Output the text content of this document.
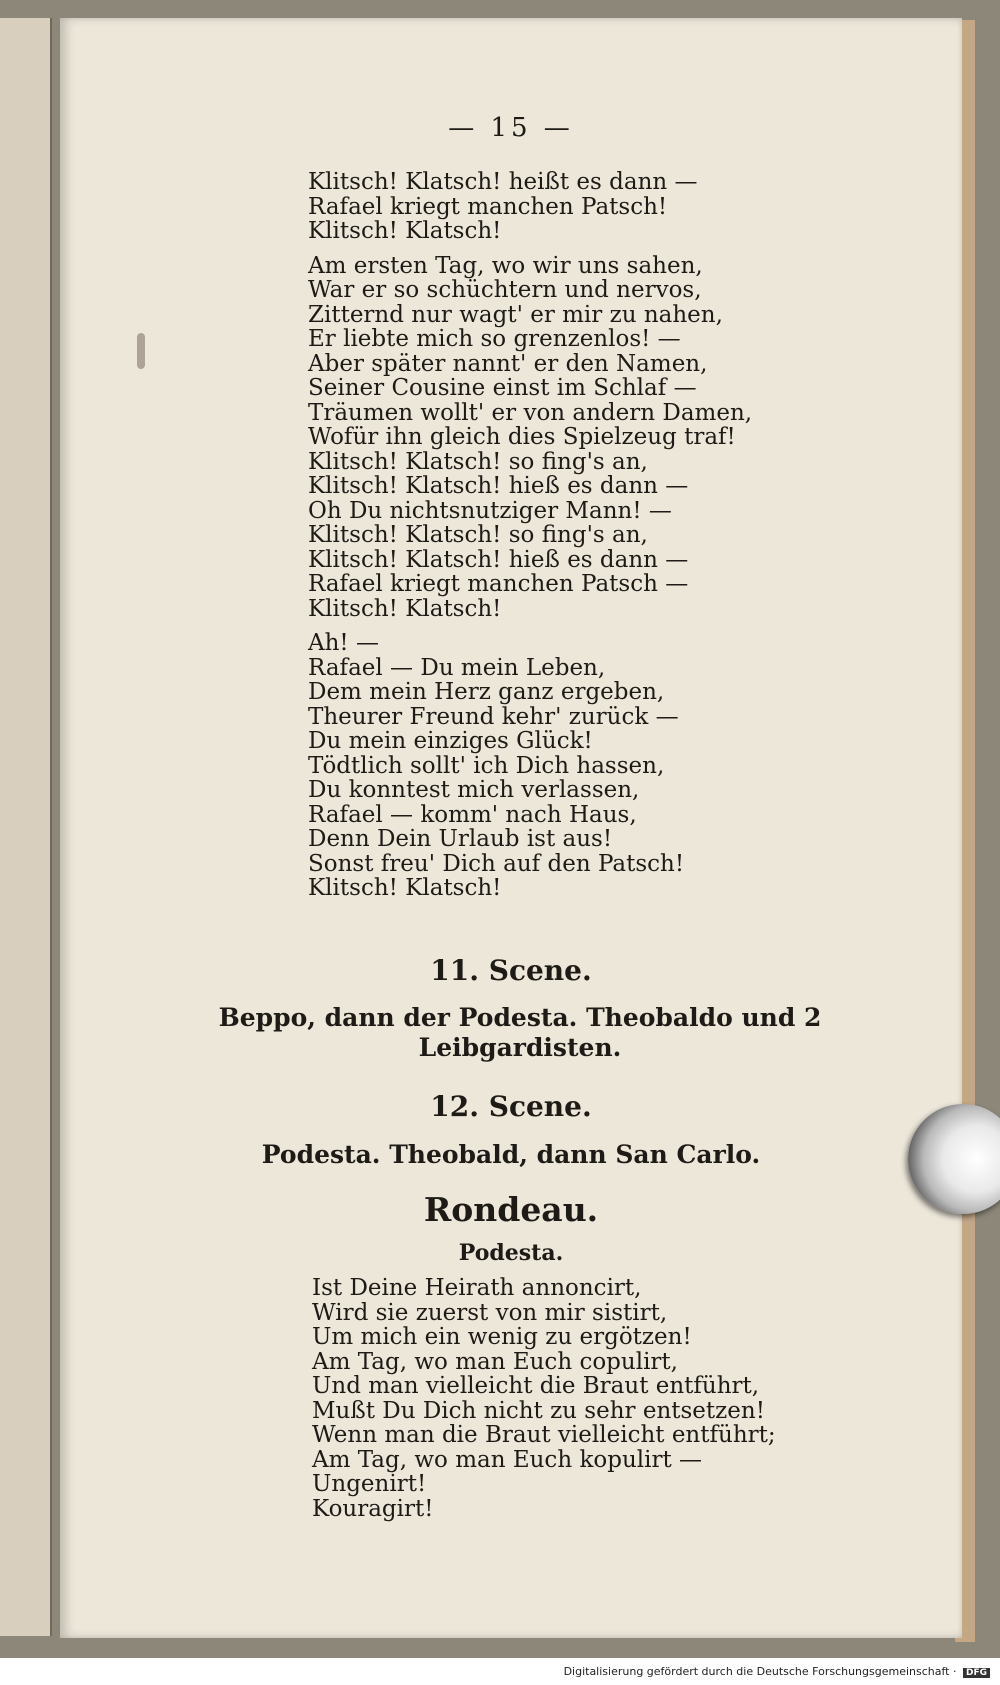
— 15 —
Klitsch! Klatsch! heißt es dann —
Rafael kriegt manchen Patsch!
Klitsch! Klatsch!
Am ersten Tag, wo wir uns sahen,
War er so schüchtern und nervos,
Zitternd nur wagt' er mir zu nahen,
Er liebte mich so grenzenlos! —
Aber später nannt' er den Namen,
Seiner Cousine einst im Schlaf —
Träumen wollt' er von andern Damen,
Wofür ihn gleich dies Spielzeug traf!
Klitsch! Klatsch! so fing's an,
Klitsch! Klatsch! hieß es dann —
Oh Du nichtsnutziger Mann! —
Klitsch! Klatsch! so fing's an,
Klitsch! Klatsch! hieß es dann —
Rafael kriegt manchen Patsch —
Klitsch! Klatsch!
Ah! —
Rafael — Du mein Leben,
Dem mein Herz ganz ergeben,
Theurer Freund kehr' zurück —
Du mein einziges Glück!
Tödtlich sollt' ich Dich hassen,
Du konntest mich verlassen,
Rafael — komm' nach Haus,
Denn Dein Urlaub ist aus!
Sonst freu' Dich auf den Patsch!
Klitsch! Klatsch!
11. Scene.
Beppo, dann der Podesta. Theobaldo und 2 Leibgardisten.
12. Scene.
Podesta. Theobald, dann San Carlo.
Rondeau.
Podesta.
Ist Deine Heirath annoncirt,
Wird sie zuerst von mir sistirt,
Um mich ein wenig zu ergötzen!
Am Tag, wo man Euch copulirt,
Und man vielleicht die Braut entführt,
Mußt Du Dich nicht zu sehr entsetzen!
Wenn man die Braut vielleicht entführt;
Am Tag, wo man Euch kopulirt —
Ungenirt!
Kouragirt!
Digitalisierung gefördert durch die Deutsche Forschungsgemeinschaft · DFG
